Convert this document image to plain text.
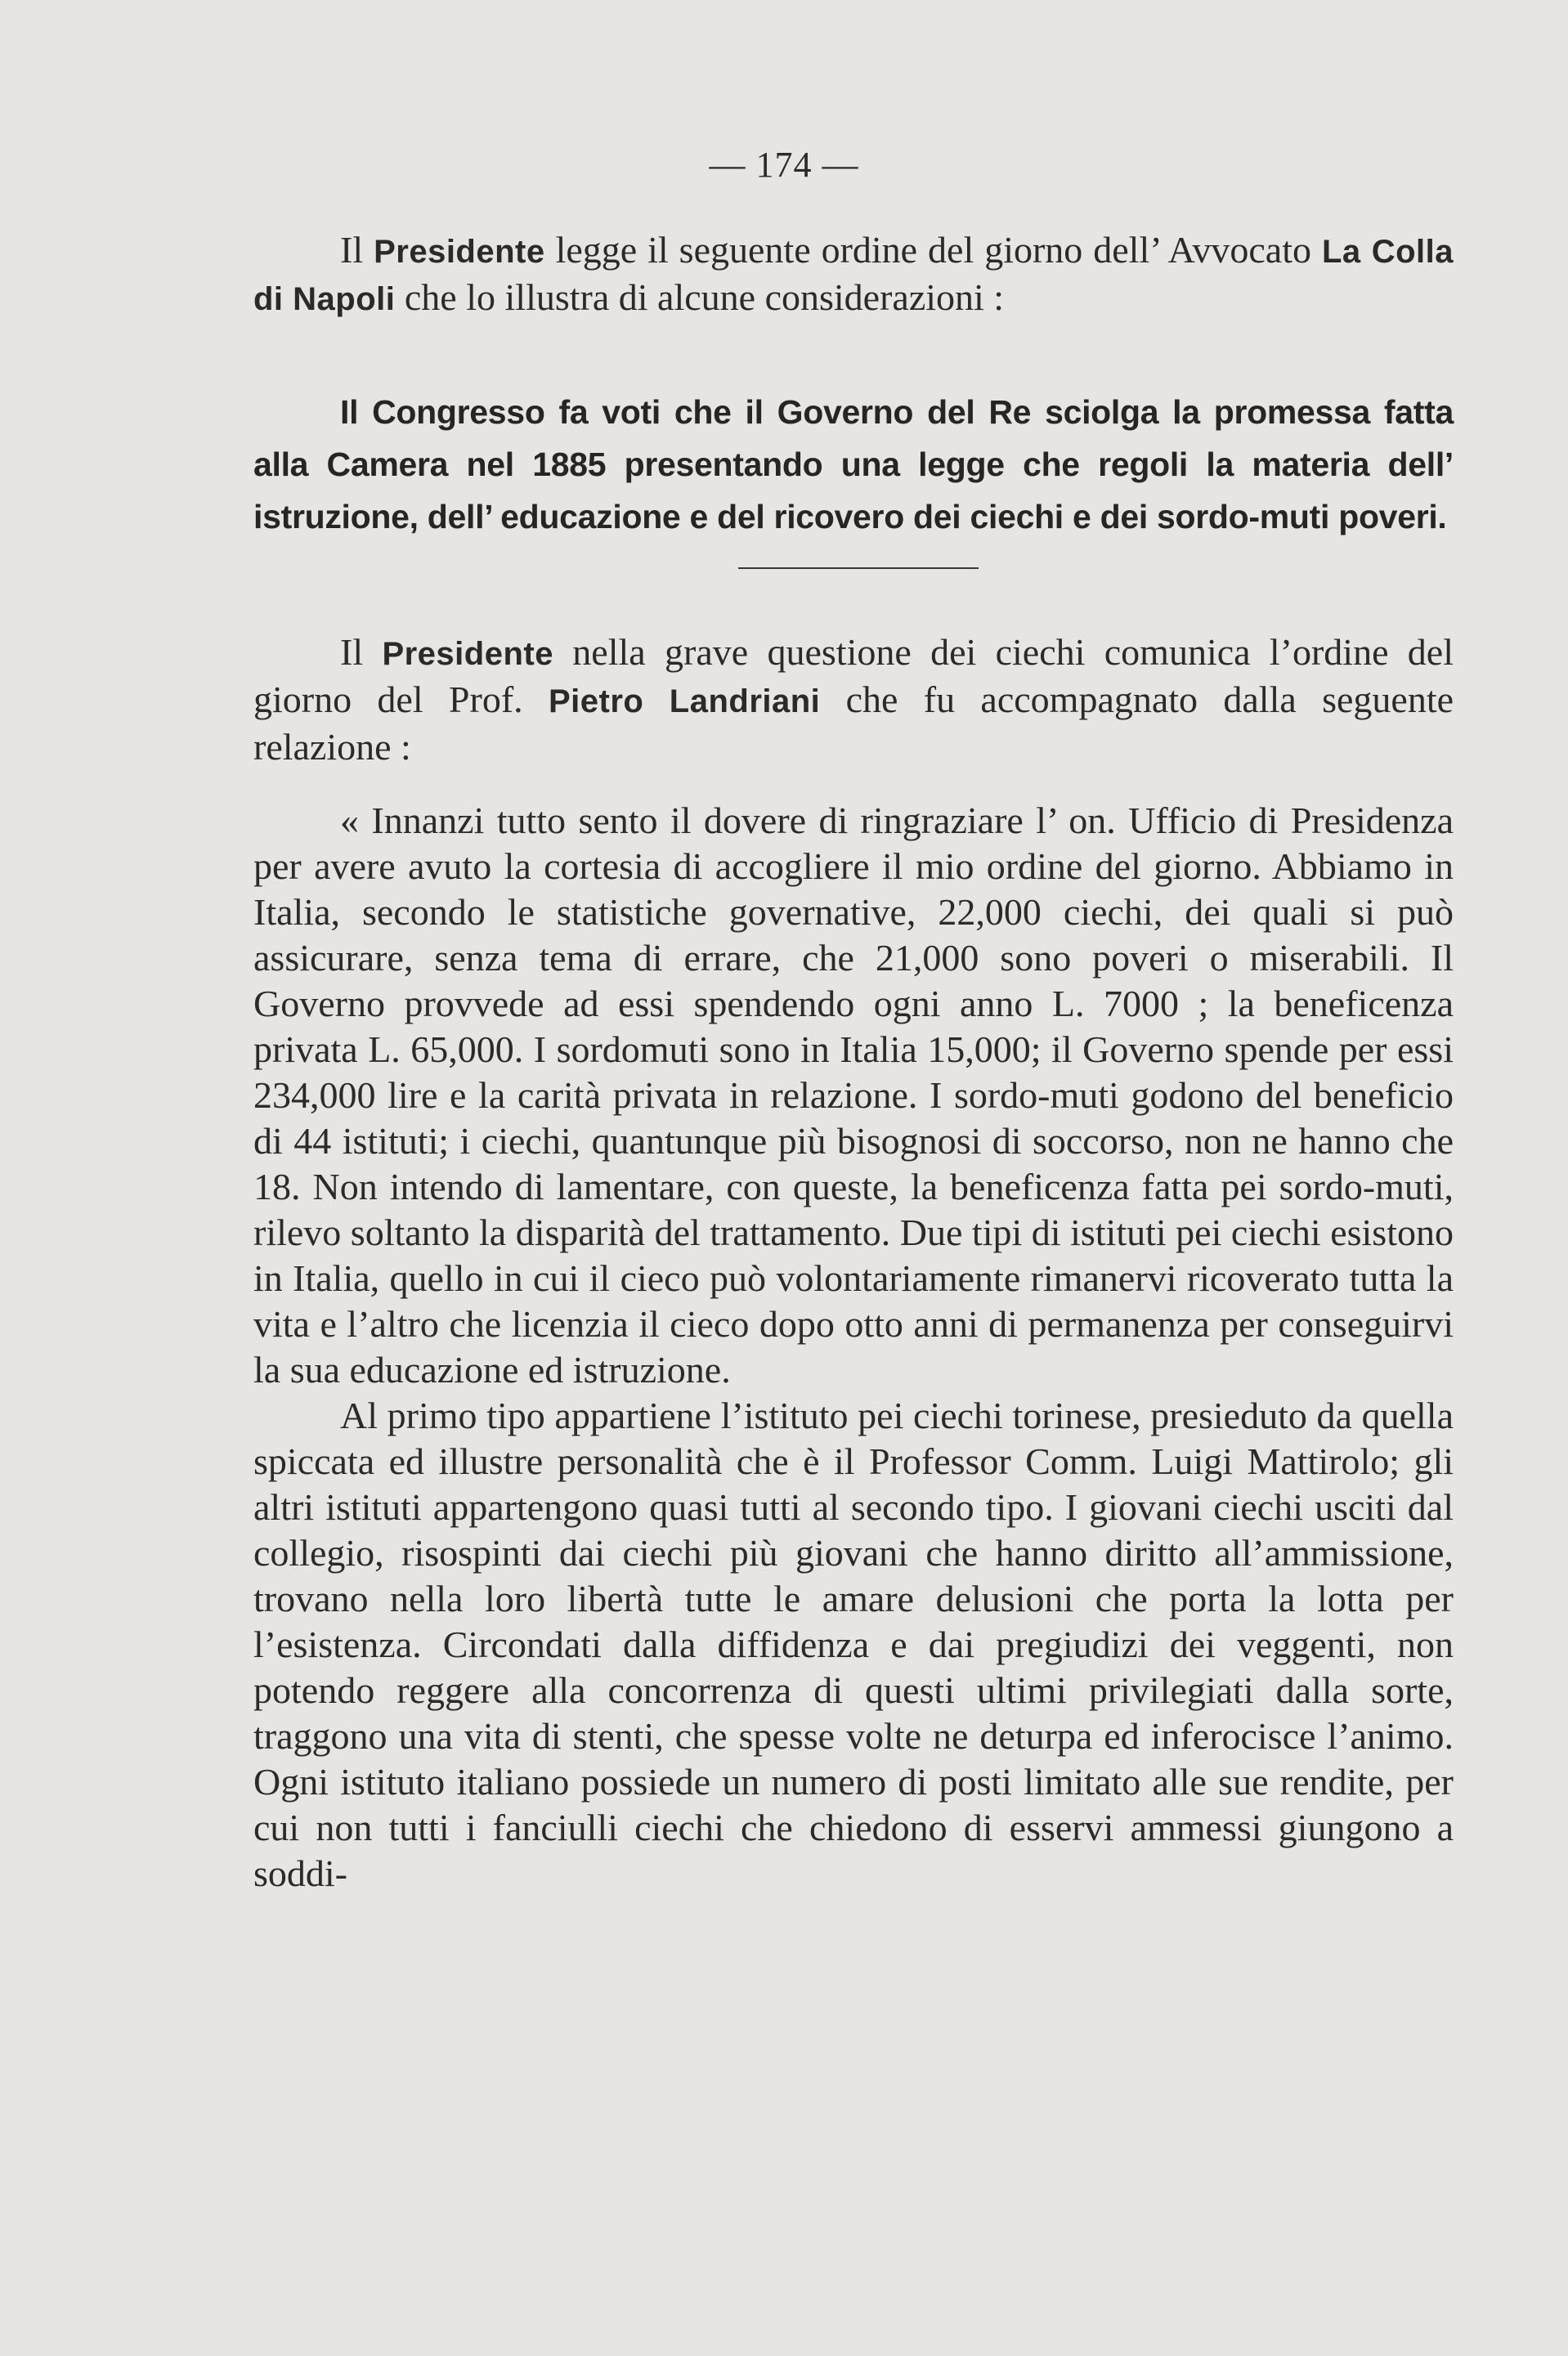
— 174 —

Il Presidente legge il seguente ordine del giorno dell’ Avvocato La Colla di Napoli che lo illustra di alcune considerazioni :

Il Congresso fa voti che il Governo del Re sciolga la promessa fatta alla Camera nel 1885 presentando una legge che regoli la materia dell’ istruzione, dell’ educazione e del ricovero dei ciechi e dei sordo-muti poveri.

Il Presidente nella grave questione dei ciechi comunica l’ordine del giorno del Prof. Pietro Landriani che fu accompagnato dalla seguente relazione :

« Innanzi tutto sento il dovere di ringraziare l’ on. Ufficio di Presidenza per avere avuto la cortesia di accogliere il mio ordine del giorno. Abbiamo in Italia, secondo le statistiche governative, 22,000 ciechi, dei quali si può assicurare, senza tema di errare, che 21,000 sono poveri o miserabili. Il Governo provvede ad essi spendendo ogni anno L. 7000 ; la beneficenza privata L. 65,000. I sordomuti sono in Italia 15,000; il Governo spende per essi 234,000 lire e la carità privata in relazione. I sordo-muti godono del beneficio di 44 istituti; i ciechi, quantunque più bisognosi di soccorso, non ne hanno che 18. Non intendo di lamentare, con queste, la beneficenza fatta pei sordo-muti, rilevo soltanto la disparità del trattamento. Due tipi di istituti pei ciechi esistono in Italia, quello in cui il cieco può volontariamente rimanervi ricoverato tutta la vita e l’altro che licenzia il cieco dopo otto anni di permanenza per conseguirvi la sua educazione ed istruzione.

Al primo tipo appartiene l’istituto pei ciechi torinese, presieduto da quella spiccata ed illustre personalità che è il Professor Comm. Luigi Mattirolo; gli altri istituti appartengono quasi tutti al secondo tipo. I giovani ciechi usciti dal collegio, risospinti dai ciechi più giovani che hanno diritto all’ammissione, trovano nella loro libertà tutte le amare delusioni che porta la lotta per l’esistenza. Circondati dalla diffidenza e dai pregiudizi dei veggenti, non potendo reggere alla concorrenza di questi ultimi privilegiati dalla sorte, traggono una vita di stenti, che spesse volte ne deturpa ed inferocisce l’animo. Ogni istituto italiano possiede un numero di posti limitato alle sue rendite, per cui non tutti i fanciulli ciechi che chiedono di esservi ammessi giungono a soddi-
